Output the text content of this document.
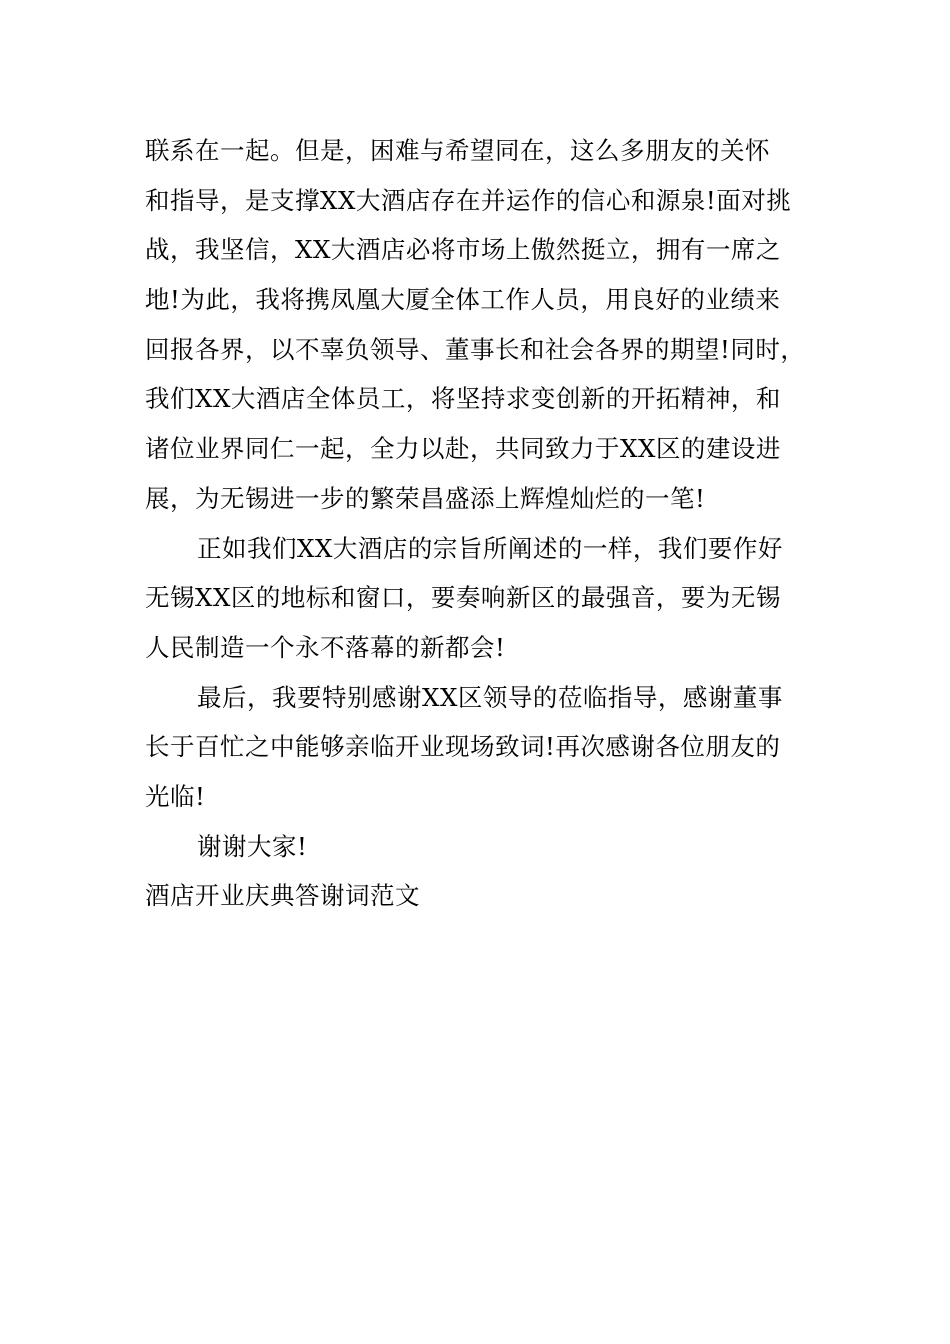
联系在一起。但是，困难与希望同在，这么多朋友的关怀
和指导，是支撑XX大酒店存在并运作的信心和源泉!面对挑
战，我坚信，XX大酒店必将市场上傲然挺立，拥有一席之
地!为此，我将携凤凰大厦全体工作人员，用良好的业绩来
回报各界，以不辜负领导、董事长和社会各界的期望!同时，
我们XX大酒店全体员工，将坚持求变创新的开拓精神，和
诸位业界同仁一起，全力以赴，共同致力于XX区的建设进
展，为无锡进一步的繁荣昌盛添上辉煌灿烂的一笔!
正如我们XX大酒店的宗旨所阐述的一样，我们要作好
无锡XX区的地标和窗口，要奏响新区的最强音，要为无锡
人民制造一个永不落幕的新都会!
最后，我要特别感谢XX区领导的莅临指导，感谢董事
长于百忙之中能够亲临开业现场致词!再次感谢各位朋友的
光临!
谢谢大家!
酒店开业庆典答谢词范文
